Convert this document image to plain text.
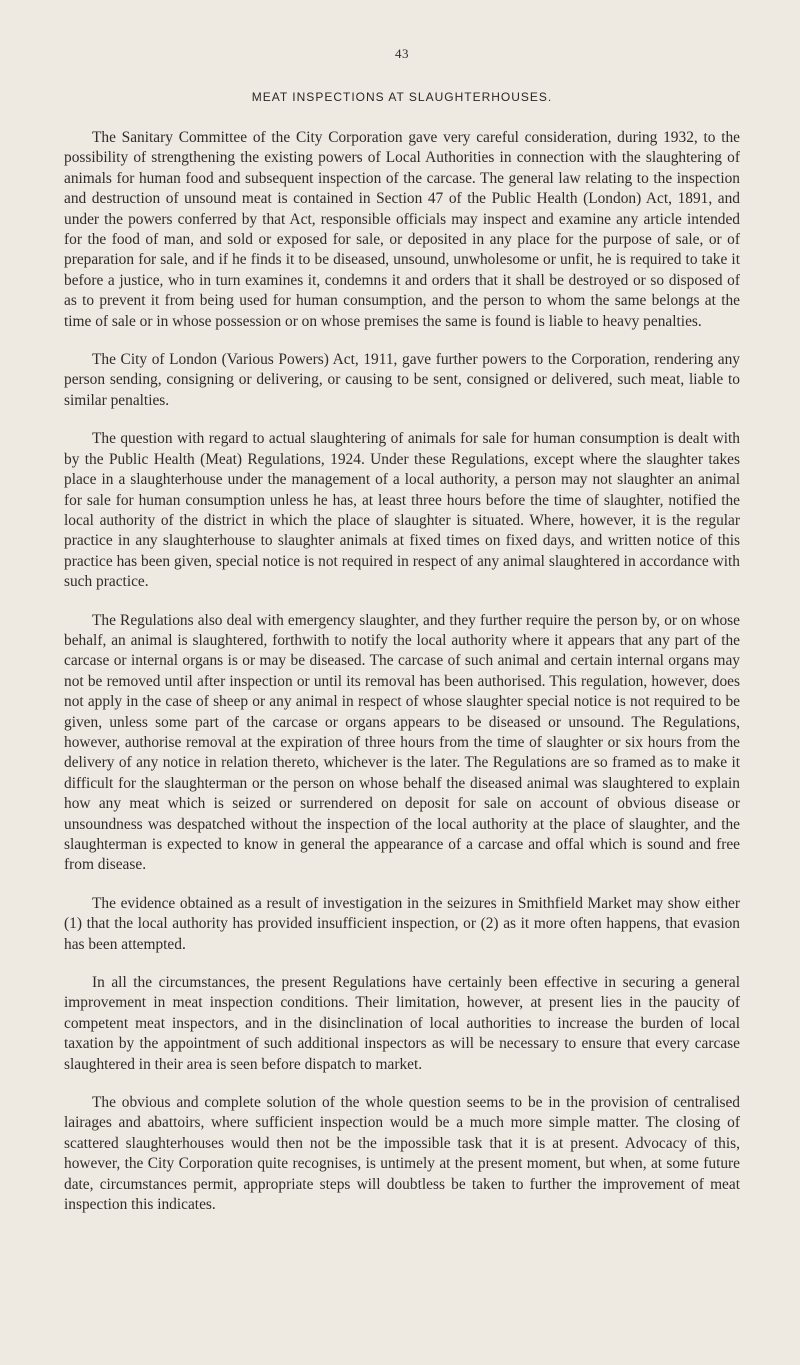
43
MEAT INSPECTIONS AT SLAUGHTERHOUSES.

The Sanitary Committee of the City Corporation gave very careful consideration, during 1932, to the possibility of strengthening the existing powers of Local Authorities in connection with the slaughtering of animals for human food and subsequent inspection of the carcase. The general law relating to the inspection and destruction of unsound meat is contained in Section 47 of the Public Health (London) Act, 1891, and under the powers conferred by that Act, responsible officials may inspect and examine any article intended for the food of man, and sold or exposed for sale, or deposited in any place for the purpose of sale, or of preparation for sale, and if he finds it to be diseased, unsound, unwholesome or unfit, he is required to take it before a justice, who in turn examines it, condemns it and orders that it shall be destroyed or so disposed of as to prevent it from being used for human consumption, and the person to whom the same belongs at the time of sale or in whose possession or on whose premises the same is found is liable to heavy penalties.

The City of London (Various Powers) Act, 1911, gave further powers to the Corporation, rendering any person sending, consigning or delivering, or causing to be sent, consigned or delivered, such meat, liable to similar penalties.

The question with regard to actual slaughtering of animals for sale for human consumption is dealt with by the Public Health (Meat) Regulations, 1924. Under these Regulations, except where the slaughter takes place in a slaughterhouse under the management of a local authority, a person may not slaughter an animal for sale for human consumption unless he has, at least three hours before the time of slaughter, notified the local authority of the district in which the place of slaughter is situated. Where, however, it is the regular practice in any slaughterhouse to slaughter animals at fixed times on fixed days, and written notice of this practice has been given, special notice is not required in respect of any animal slaughtered in accordance with such practice.

The Regulations also deal with emergency slaughter, and they further require the person by, or on whose behalf, an animal is slaughtered, forthwith to notify the local authority where it appears that any part of the carcase or internal organs is or may be diseased. The carcase of such animal and certain internal organs may not be removed until after inspection or until its removal has been authorised. This regulation, however, does not apply in the case of sheep or any animal in respect of whose slaughter special notice is not required to be given, unless some part of the carcase or organs appears to be diseased or unsound. The Regulations, however, authorise removal at the expiration of three hours from the time of slaughter or six hours from the delivery of any notice in relation thereto, whichever is the later. The Regulations are so framed as to make it difficult for the slaughterman or the person on whose behalf the diseased animal was slaughtered to explain how any meat which is seized or surrendered on deposit for sale on account of obvious disease or unsoundness was despatched without the inspection of the local authority at the place of slaughter, and the slaughterman is expected to know in general the appearance of a carcase and offal which is sound and free from disease.

The evidence obtained as a result of investigation in the seizures in Smithfield Market may show either (1) that the local authority has provided insufficient inspection, or (2) as it more often happens, that evasion has been attempted.

In all the circumstances, the present Regulations have certainly been effective in securing a general improvement in meat inspection conditions. Their limitation, however, at present lies in the paucity of competent meat inspectors, and in the disinclination of local authorities to increase the burden of local taxation by the appointment of such additional inspectors as will be necessary to ensure that every carcase slaughtered in their area is seen before dispatch to market.

The obvious and complete solution of the whole question seems to be in the provision of centralised lairages and abattoirs, where sufficient inspection would be a much more simple matter. The closing of scattered slaughterhouses would then not be the impossible task that it is at present. Advocacy of this, however, the City Corporation quite recognises, is untimely at the present moment, but when, at some future date, circumstances permit, appropriate steps will doubtless be taken to further the improvement of meat inspection this indicates.
